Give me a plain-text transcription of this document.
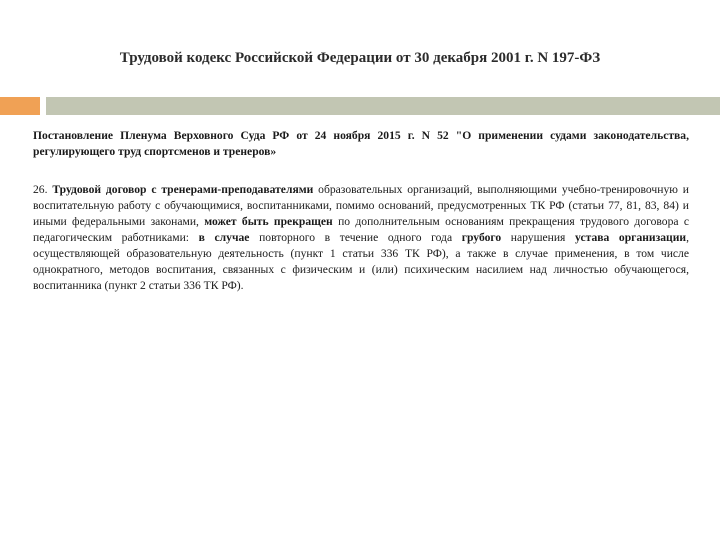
Трудовой кодекс Российской Федерации от 30 декабря 2001 г. N 197-ФЗ

Постановление Пленума Верховного Суда РФ от 24 ноября 2015 г. N 52 "О применении судами законодательства, регулирующего труд спортсменов и тренеров»

26. Трудовой договор с тренерами-преподавателями образовательных организаций, выполняющими учебно-тренировочную и воспитательную работу с обучающимися, воспитанниками, помимо оснований, предусмотренных ТК РФ (статьи 77, 81, 83, 84) и иными федеральными законами, может быть прекращен по дополнительным основаниям прекращения трудового договора с педагогическим работниками: в случае повторного в течение одного года грубого нарушения устава организации, осуществляющей образовательную деятельность (пункт 1 статьи 336 ТК РФ), а также в случае применения, в том числе однократного, методов воспитания, связанных с физическим и (или) психическим насилием над личностью обучающегося, воспитанника (пункт 2 статьи 336 ТК РФ).
